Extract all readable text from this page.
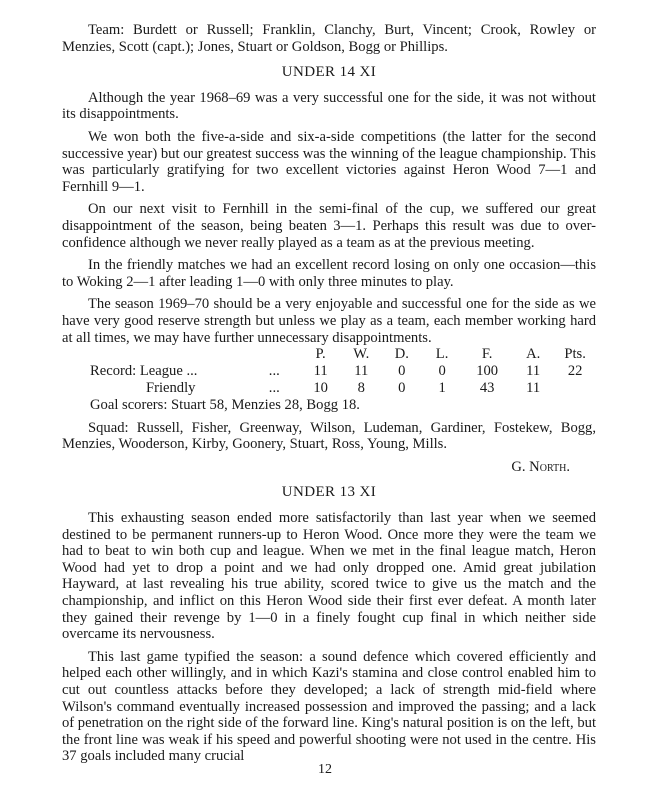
Team: Burdett or Russell; Franklin, Clanchy, Burt, Vincent; Crook, Rowley or Menzies, Scott (capt.); Jones, Stuart or Goldson, Bogg or Phillips.

UNDER 14 XI

Although the year 1968–69 was a very successful one for the side, it was not without its disappointments.

We won both the five-a-side and six-a-side competitions (the latter for the second successive year) but our greatest success was the winning of the league championship. This was particularly gratifying for two excellent victories against Heron Wood 7—1 and Fernhill 9—1.

On our next visit to Fernhill in the semi-final of the cup, we suffered our great disappointment of the season, being beaten 3—1. Perhaps this result was due to over-confidence although we never really played as a team as at the previous meeting.

In the friendly matches we had an excellent record losing on only one occasion—this to Woking 2—1 after leading 1—0 with only three minutes to play.

The season 1969–70 should be a very enjoyable and successful one for the side as we have very good reserve strength but unless we play as a team, each member working hard at all times, we may have further unnecessary disappointments.

		P.	W.	D.	L.	F.	A.	Pts.
Record: League ...	...	11	11	0	0	100	11	22
Friendly	...	10	8	0	1	43	11	

Goal scorers: Stuart 58, Menzies 28, Bogg 18.

Squad: Russell, Fisher, Greenway, Wilson, Ludeman, Gardiner, Fostekew, Bogg, Menzies, Wooderson, Kirby, Goonery, Stuart, Ross, Young, Mills.

G. North.
UNDER 13 XI

This exhausting season ended more satisfactorily than last year when we seemed destined to be permanent runners-up to Heron Wood. Once more they were the team we had to beat to win both cup and league. When we met in the final league match, Heron Wood had yet to drop a point and we had only dropped one. Amid great jubilation Hayward, at last revealing his true ability, scored twice to give us the match and the championship, and inflict on this Heron Wood side their first ever defeat. A month later they gained their revenge by 1—0 in a finely fought cup final in which neither side overcame its nervousness.

This last game typified the season: a sound defence which covered efficiently and helped each other willingly, and in which Kazi's stamina and close control enabled him to cut out countless attacks before they developed; a lack of strength mid-field where Wilson's command eventually increased possession and improved the passing; and a lack of penetration on the right side of the forward line. King's natural position is on the left, but the front line was weak if his speed and powerful shooting were not used in the centre. His 37 goals included many crucial

12
